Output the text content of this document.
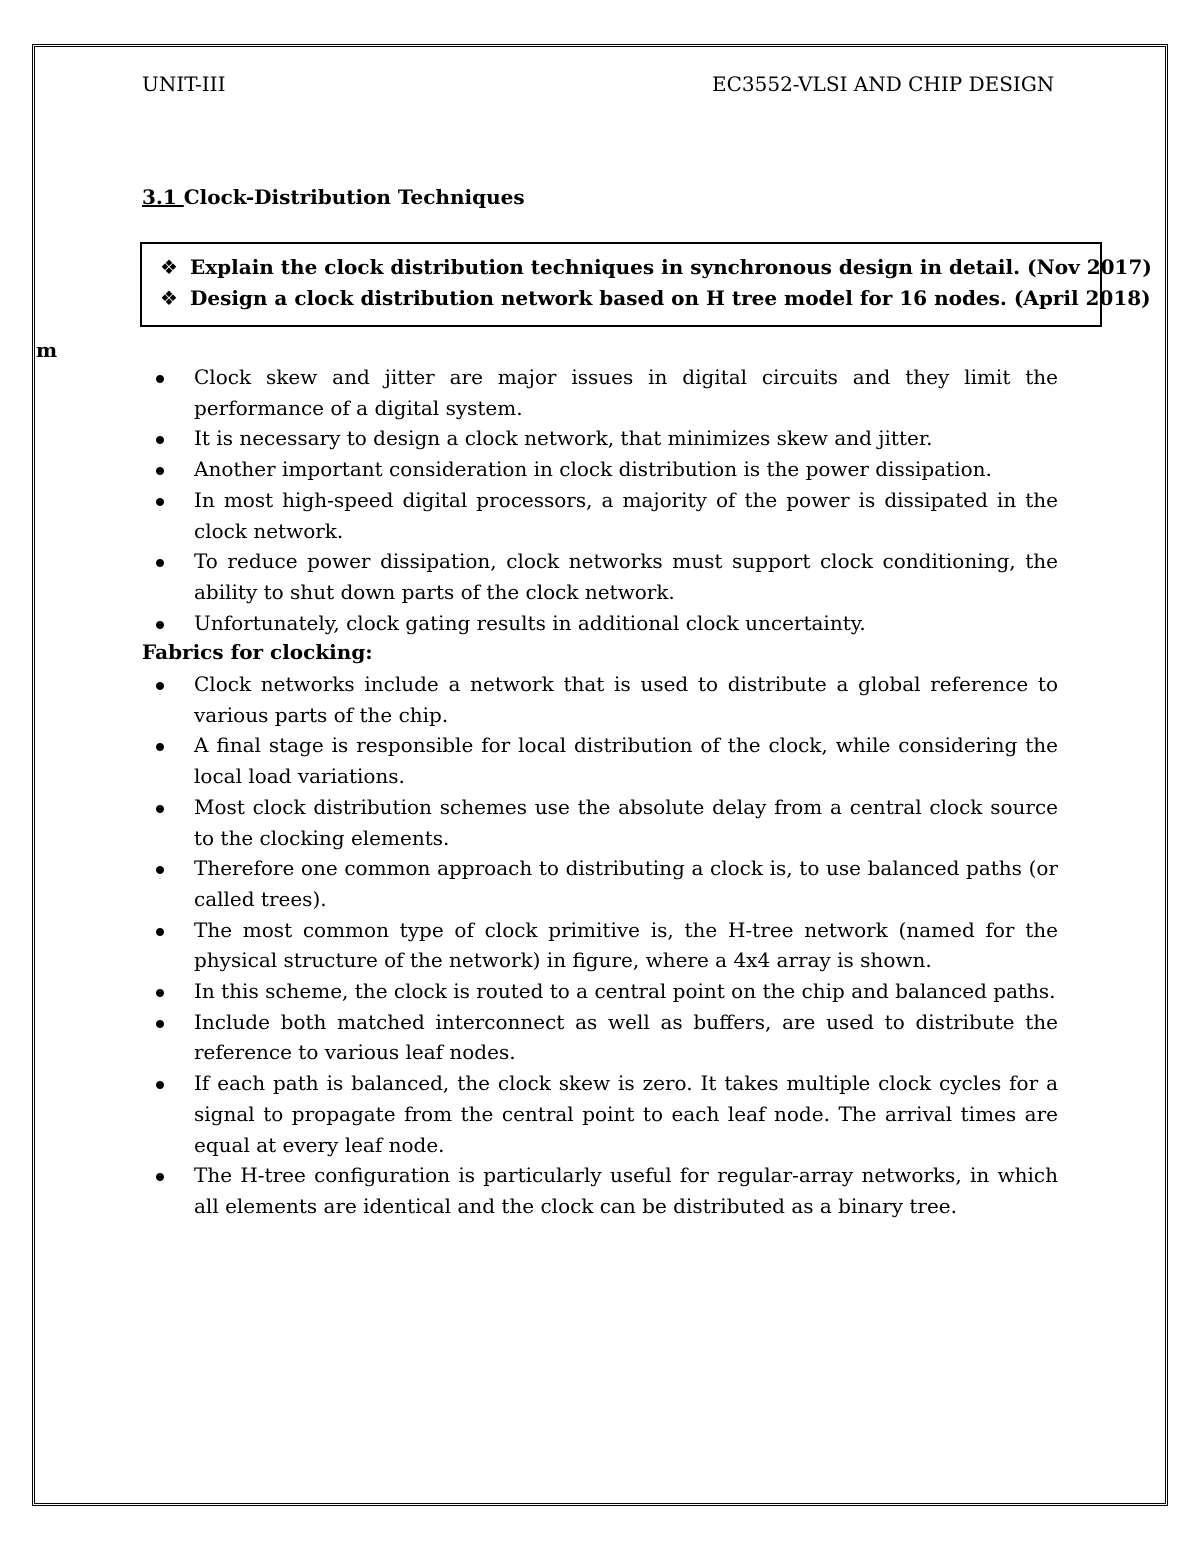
UNIT-III	EC3552-VLSI AND CHIP DESIGN
3.1 Clock-Distribution Techniques
❖ Explain the clock distribution techniques in synchronous design in detail. (Nov 2017)
❖ Design a clock distribution network based on H tree model for 16 nodes. (April 2018)
m
Clock skew and jitter are major issues in digital circuits and they limit the performance of a digital system.
It is necessary to design a clock network, that minimizes skew and jitter.
Another important consideration in clock distribution is the power dissipation.
In most high-speed digital processors, a majority of the power is dissipated in the clock network.
To reduce power dissipation, clock networks must support clock conditioning, the ability to shut down parts of the clock network.
Unfortunately, clock gating results in additional clock uncertainty.
Fabrics for clocking:
Clock networks include a network that is used to distribute a global reference to various parts of the chip.
A final stage is responsible for local distribution of the clock, while considering the local load variations.
Most clock distribution schemes use the absolute delay from a central clock source to the clocking elements.
Therefore one common approach to distributing a clock is, to use balanced paths (or called trees).
The most common type of clock primitive is, the H-tree network (named for the physical structure of the network) in figure, where a 4x4 array is shown.
In this scheme, the clock is routed to a central point on the chip and balanced paths.
Include both matched interconnect as well as buffers, are used to distribute the reference to various leaf nodes.
If each path is balanced, the clock skew is zero. It takes multiple clock cycles for a signal to propagate from the central point to each leaf node. The arrival times are equal at every leaf node.
The H-tree configuration is particularly useful for regular-array networks, in which all elements are identical and the clock can be distributed as a binary tree.
